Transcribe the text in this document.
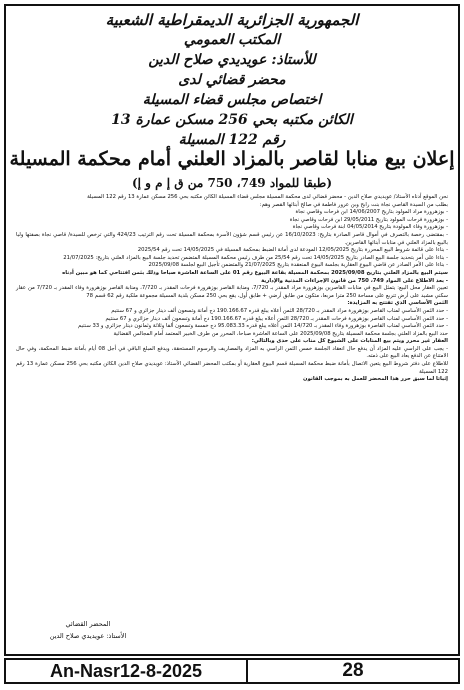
الجمهورية الجزائرية الديمقراطية الشعبية
المكتب العمومي
للأستاذ: عويديدي صلاح الدين
محضر قضائي لدى
اختصاص مجلس قضاء المسيلة
الكائن مكتبه بحي 256 مسكن عمارة 13
رقم 122 المسيلة
إعلان بيع منابا لقاصر بالمزاد العلني أمام محكمة المسيلة
(طبقا للمواد 749، 750 من ق إ م و إ)

نحن الموقع أدناه الأستاذ/ عويديدي صلاح الدين - محضر قضائي لدى محكمة المسيلة مجلس قضاء المسيلة الكائن مكتبه بحي 256 مسكن عمارة 13 رقم 122 المسيلة

بطلب من السيدة القاصي نجاة بنت رابح وبن عرور فاطمة في صالح أبنائها القصر وهم:

- بوزهرورة مراد المولود بتاريخ 14/06/2007 ابن فرحات وقاصي نجاة

- بوزهرورة فرحات المولود بتاريخ 29/05/2011 ابن فرحات وقاصي نجاة

- بوزهرورة وفاء المولودة بتاريخ 04/05/2014 ابنة فرحات وقاصي نجاة

- بمقتضى رخصة بالتصرف في أموال قاصر الصادرة بتاريخ: 16/10/2023 عن رئيس قسم شؤون الأسرة بمحكمة المسيلة تحت رقم الترتيب 424/23 والتي ترخص للسيدة/ قاصي نجاة بصفتها وليا بالبيع بالمزاد العلني في منابات أبنائها القاصرين.

- بناءا على قائمة شروط البيع المحررة بتاريخ 12/05/2025 المودعة لدى أمانة الضبط بمحكمة المسيلة في 14/05/2025 تحت رقم 2025/54

- بناءا على أمر بتحديد جلسة البيع الصادر بتاريخ 14/05/2025 تحت رقم 25/54 من طرف رئيس محكمة المسيلة المتضمن تحديد جلسة البيع بالمزاد العلني بتاريخ: 21/07/2025

- بناءا على الأمر الصادر عن قاضي البيوع العقارية بجلسة البيوع المنعقدة بتاريخ 21/07/2025 والمتضمن تأجيل البيع لجلسة 2025/09/08

سيتم البيع بالمزاد العلني بتاريخ 2025/09/08 بمحكمة المسيلة بقاعة البيوع رقم 01 على الساعة العاشرة صباحا وذلك بثمن افتتاحي كما هو مبين أدناه

- بعد الاطلاع على المواد 749، 750 من قانون الإجراءات المدنية والإدارية

تعيين العقار محل البيع: يتمثل البيع في منابات القاصرين بوزهرورة مراد المقدر بـ 7/720، ومنابة القاصر بوزهرورة فرحات المقدر بـ 7/720، ومنابة القاصر بوزهرورة وفاء المقدر بـ 7/720 من عقار سكني مشيد على أرض تتربع على مساحة 250 مترا مربعا، متكون من طابق أرضي + طابق أول، يقع بحي 250 مسكن بلدية المسيلة مجموعة ملكية رقم 62 قسم 78

الثمن الأساسي الذي تفتتح به المزايدة:

- حدد الثمن الأساسي لمناب القاصر بوزهرورة مراد المقدر بـ 28/720 الثمن أعلاه يبلغ قدره 190.166.67 دج أمانة وتسعون ألف دينار جزائري و 67 سنتيم

- حدد الثمن الأساسي لمناب القاصر بوزهرورة فرحات المقدر بـ 28/720 الثمن أعلاه يبلغ قدره 190.166.67 دج أمانة وتسعون ألف دينار جزائري و 67 سنتيم

- حدد الثمن الأساسي لمناب القاصرة بوزهرورة وفاء المقدر بـ 14/720 الثمن أعلاه يبلغ قدره 95.083.33 دج خمسة وتسعون ألفا وثلاثة وثمانون دينار جزائري و 33 سنتيم

حدد البيع بالمزاد العلني بجلسة محكمة المسيلة بتاريخ 2025/09/08 على الساعة العاشرة صباحا، المحرر من طرف الخبير المعتمد أمام المجالس القضائية

العقار غير محرر ويتم بيع المنابات على الشيوع كل مناب على حدى وبالتالي:

- يجب على الراسي عليه المزاد أن يدفع حال انعقاد الجلسة خمس الثمن الراسي به المزاد والمصاريف والرسوم المستحقة، ويدفع المبلغ الباقي في أجل 08 أيام بأمانة ضبط المحكمة، وفي حال الامتناع عن الدفع يعاد البيع على ذمته.

للاطلاع على دفتر شروط البيع يتعين الاتصال بأمانة ضبط محكمة المسيلة قسم البيوع العقارية أو بمكتب المحضر القضائي الأستاذ: عويديدي صلاح الدين الكائن مكتبه بحي 256 مسكن عمارة 13 رقم 122 المسيلة

إثباتا لما سبق حرر هذا المحضر للعمل به بموجب القانون

المحضر القضائي
الأستاذ: عويديدي صلاح الدين
An-Nasr12-8-2025	28
